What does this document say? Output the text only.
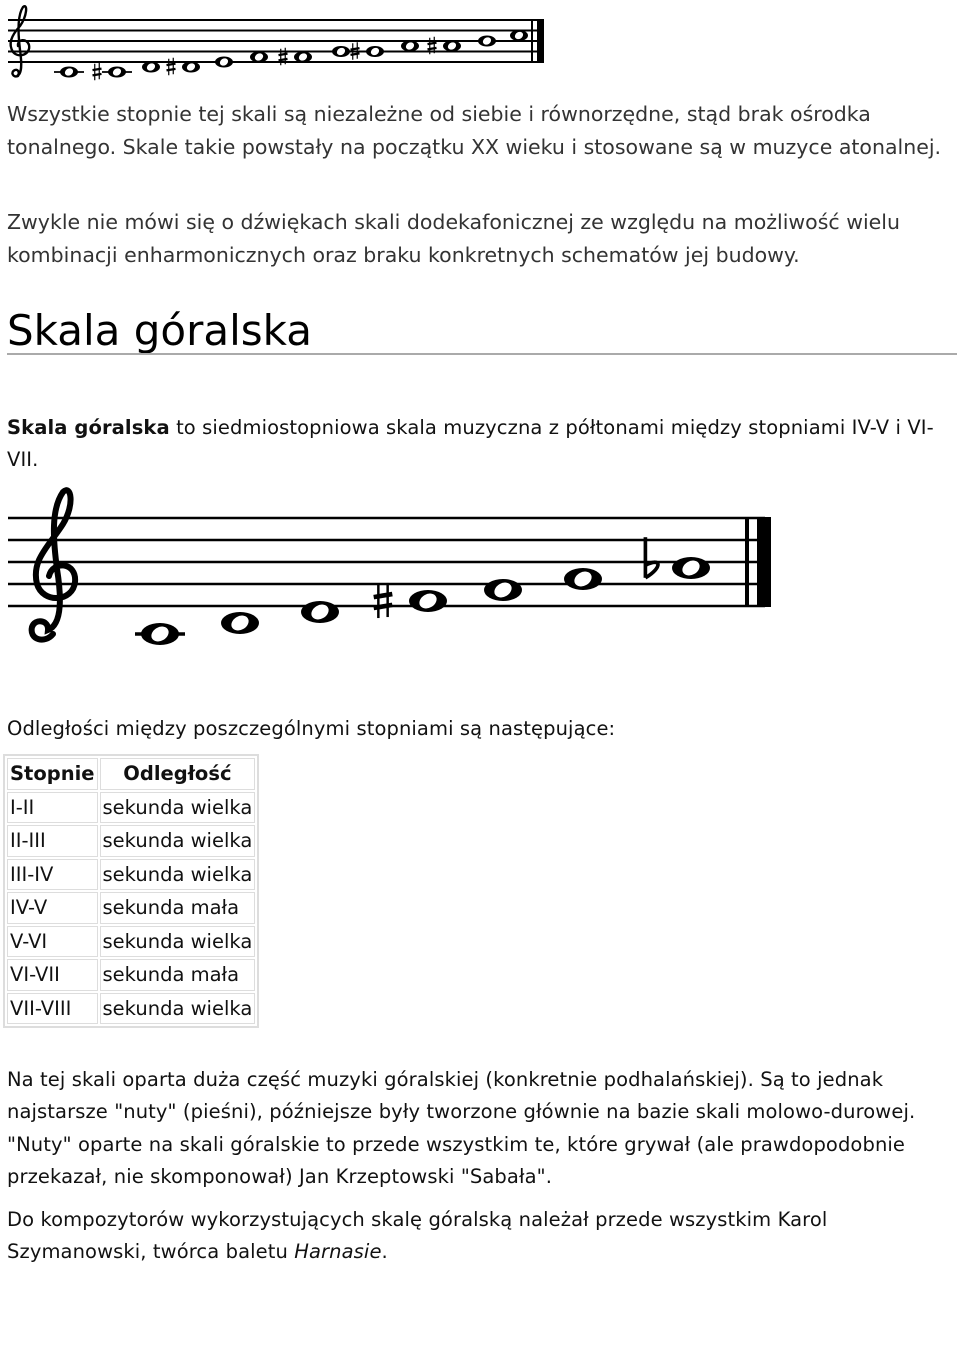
Wszystkie stopnie tej skali są niezależne od siebie i równorzędne, stąd brak ośrodka tonalnego. Skale takie powstały na początku XX wieku i stosowane są w muzyce atonalnej.

Zwykle nie mówi się o dźwiękach skali dodekafonicznej ze względu na możliwość wielu kombinacji enharmonicznych oraz braku konkretnych schematów jej budowy.

Skala góralska

Skala góralska to siedmiostopniowa skala muzyczna z półtonami między stopniami IV-V i VI-VII.

Odległości między poszczególnymi stopniami są następujące:

Stopnie	Odległość
I-II	sekunda wielka
II-III	sekunda wielka
III-IV	sekunda wielka
IV-V	sekunda mała
V-VI	sekunda wielka
VI-VII	sekunda mała
VII-VIII	sekunda wielka

Na tej skali oparta duża część muzyki góralskiej (konkretnie podhalańskiej). Są to jednak najstarsze "nuty" (pieśni), późniejsze były tworzone głównie na bazie skali molowo-durowej. "Nuty" oparte na skali góralskie to przede wszystkim te, które grywał (ale prawdopodobnie przekazał, nie skomponował) Jan Krzeptowski "Sabała".

Do kompozytorów wykorzystujących skalę góralską należał przede wszystkim Karol Szymanowski, twórca baletu Harnasie.
